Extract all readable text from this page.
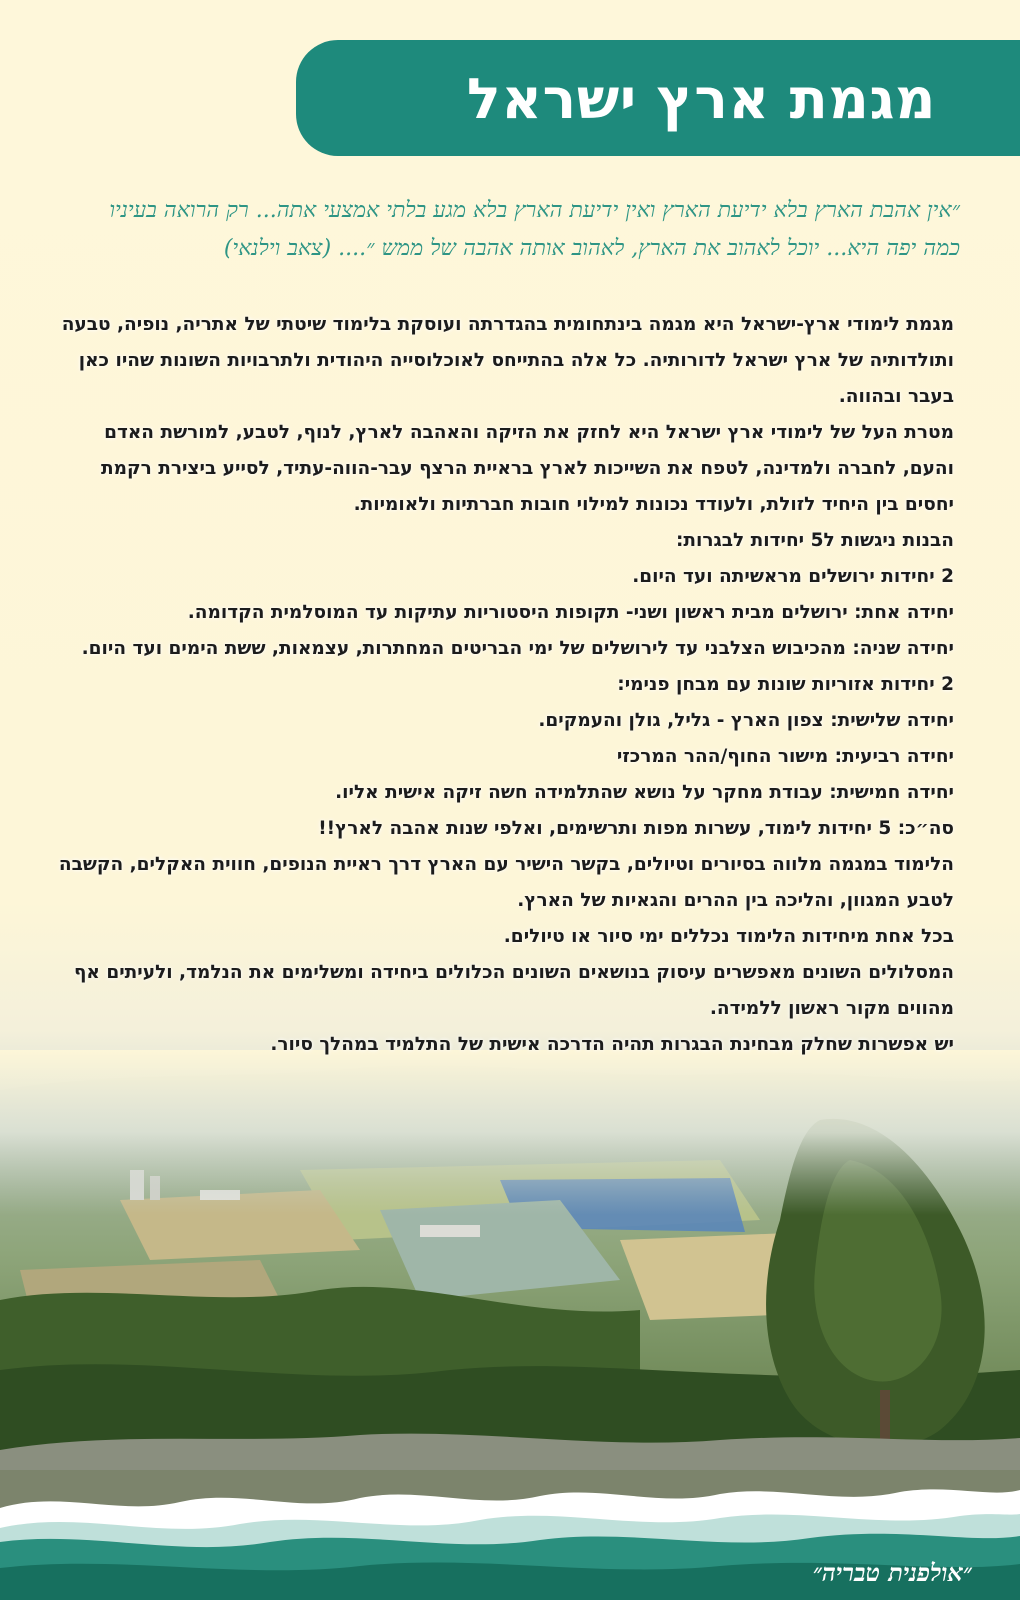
מגמת ארץ ישראל

״אין אהבת הארץ בלא ידיעת הארץ ואין ידיעת הארץ בלא מגע בלתי אמצעי אתה... רק הרואה בעיניו כמה יפה היא... יוכל לאהוב את הארץ, לאהוב אותה אהבה של ממש ״.... (צאב וילנאי)

מגמת לימודי ארץ-ישראל היא מגמה בינתחומית בהגדרתה ועוסקת בלימוד שיטתי של אתריה, נופיה, טבעה ותולדותיה של ארץ ישראל לדורותיה. כל אלה בהתייחס לאוכלוסייה היהודית ולתרבויות השונות שהיו כאן בעבר ובהווה.
מטרת העל של לימודי ארץ ישראל היא לחזק את הזיקה והאהבה לארץ, לנוף, לטבע, למורשת האדם והעם, לחברה ולמדינה, לטפח את השייכות לארץ בראיית הרצף עבר-הווה-עתיד, לסייע ביצירת רקמת יחסים בין היחיד לזולת, ולעודד נכונות למילוי חובות חברתיות ולאומיות.
הבנות ניגשות ל5 יחידות לבגרות:
2 יחידות ירושלים מראשיתה ועד היום.
יחידה אחת: ירושלים מבית ראשון ושני- תקופות היסטוריות עתיקות עד המוסלמית הקדומה.
יחידה שניה: מהכיבוש הצלבני עד לירושלים של ימי הבריטים המחתרות, עצמאות, ששת הימים ועד היום.
2 יחידות אזוריות שונות עם מבחן פנימי:
יחידה שלישית: צפון הארץ - גליל, גולן והעמקים.
יחידה רביעית: מישור החוף/ההר המרכזי
יחידה חמישית: עבודת מחקר על נושא שהתלמידה חשה זיקה אישית אליו.
סה״כ: 5 יחידות לימוד, עשרות מפות ותרשימים, ואלפי שנות אהבה לארץ!!
הלימוד במגמה מלווה בסיורים וטיולים, בקשר הישיר עם הארץ דרך ראיית הנופים, חווית האקלים, הקשבה לטבע המגוון, והליכה בין ההרים והגאיות של הארץ.
בכל אחת מיחידות הלימוד נכללים ימי סיור או טיולים.
המסלולים השונים מאפשרים עיסוק בנושאים השונים הכלולים ביחידה ומשלימים את הנלמד, ולעיתים אף מהווים מקור ראשון ללמידה.
יש אפשרות שחלק מבחינת הבגרות תהיה הדרכה אישית של התלמיד במהלך סיור.

״אולפנית טבריה״
